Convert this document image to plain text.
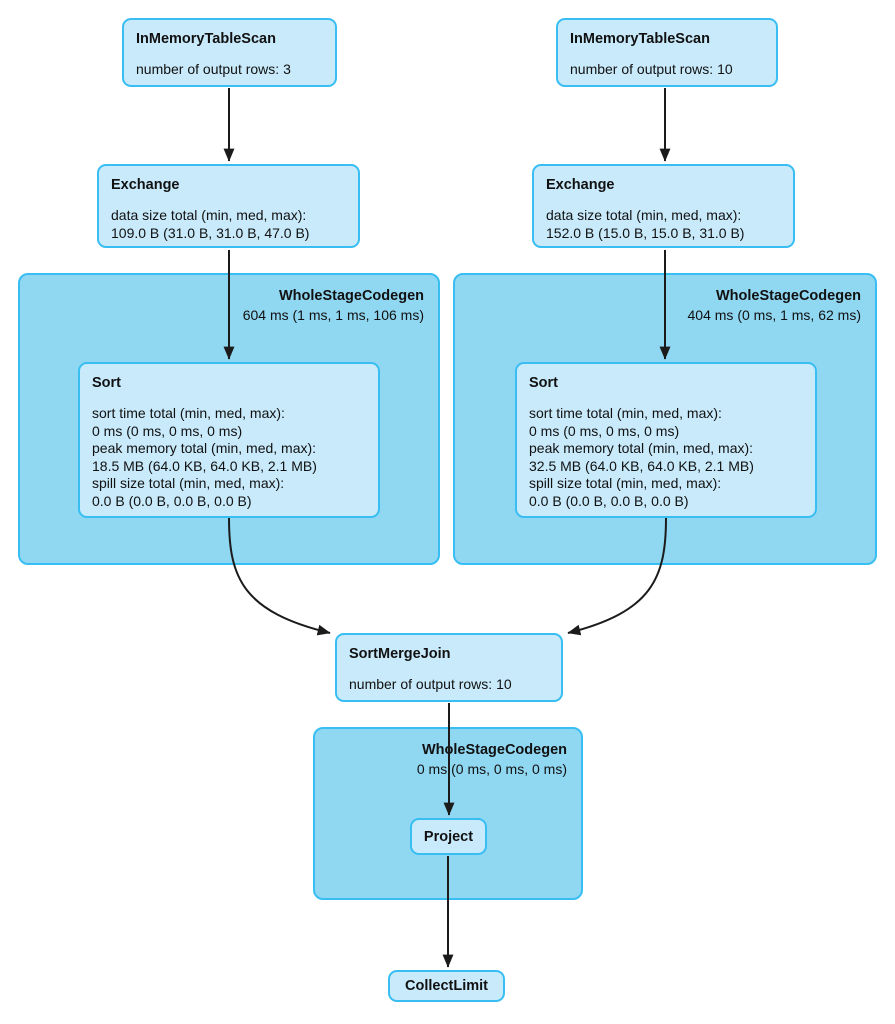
WholeStageCodegen
604 ms (1 ms, 1 ms, 106 ms)
WholeStageCodegen
404 ms (0 ms, 1 ms, 62 ms)
WholeStageCodegen
0 ms (0 ms, 0 ms, 0 ms)
InMemoryTableScan
number of output rows: 3
InMemoryTableScan
number of output rows: 10
Exchange
data size total (min, med, max):
109.0 B (31.0 B, 31.0 B, 47.0 B)
Exchange
data size total (min, med, max):
152.0 B (15.0 B, 15.0 B, 31.0 B)
Sort
sort time total (min, med, max):
0 ms (0 ms, 0 ms, 0 ms)
peak memory total (min, med, max):
18.5 MB (64.0 KB, 64.0 KB, 2.1 MB)
spill size total (min, med, max):
0.0 B (0.0 B, 0.0 B, 0.0 B)
Sort
sort time total (min, med, max):
0 ms (0 ms, 0 ms, 0 ms)
peak memory total (min, med, max):
32.5 MB (64.0 KB, 64.0 KB, 2.1 MB)
spill size total (min, med, max):
0.0 B (0.0 B, 0.0 B, 0.0 B)
SortMergeJoin
number of output rows: 10
Project
CollectLimit
